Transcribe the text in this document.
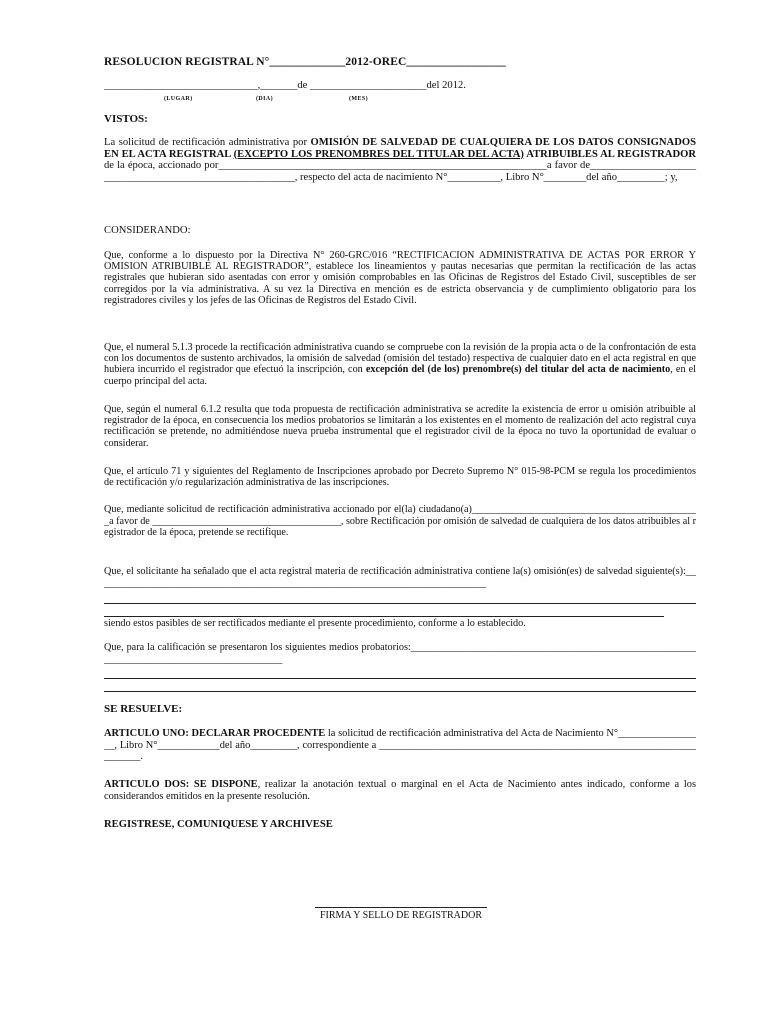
RESOLUCION REGISTRAL N°_____________2012-OREC_________________
_____________________________,_______de ______________________del 2012.
(LUGAR)	(DIA)	(MES)
VISTOS:

La solicitud de rectificación administrativa por OMISIÓN DE SALVEDAD DE CUALQUIERA DE LOS DATOS CONSIGNADOS EN EL ACTA REGISTRAL (EXCEPTO LOS PRENOMBRES DEL TITULAR DEL ACTA) ATRIBUIBLES AL REGISTRADOR de la época, accionado por______________________________________________________________a favor de________________________________________________________, respecto del acta de nacimiento N°__________, Libro N°________del año_________; y,

CONSIDERANDO:

Que, conforme a lo dispuesto por la Directiva N° 260-GRC/016 “RECTIFICACION ADMINISTRATIVA DE ACTAS POR ERROR Y OMISION ATRIBUIBLE AL REGISTRADOR”, establece los lineamientos y pautas necesarias que permitan la rectificación de las actas registrales que hubieran sido asentadas con error y omisión comprobables en las Oficinas de Registros del Estado Civil, susceptibles de ser corregidos por la vía administrativa. A su vez la Directiva en mención es de estricta observancia y de cumplimiento obligatorio para los registradores civiles y los jefes de las Oficinas de Registros del Estado Civil.

Que, el numeral 5.1.3 procede la rectificación administrativa cuando se compruebe con la revisión de la propia acta o de la confrontación de esta con los documentos de sustento archivados, la omisión de salvedad (omisión del testado) respectiva de cualquier dato en el acta registral en que hubiera incurrido el registrador que efectuó la inscripción, con excepción del (de los) prenombre(s) del titular del acta de nacimiento, en el cuerpo principal del acta.

Que, según el numeral 6.1.2 resulta que toda propuesta de rectificación administrativa se acredite la existencia de error u omisión atribuible al registrador de la época, en consecuencia los medios probatorios se limitarán a los existentes en el momento de realización del acto registral cuya rectificación se pretende, no admitiéndose nueva prueba instrumental que el registrador civil de la época no tuvo la oportunidad de evaluar o considerar.

Que, el artículo 71 y siguientes del Reglamento de Inscripciones aprobado por Decreto Supremo N° 015-98-PCM se regula los procedimientos de rectificación y/o regularización administrativa de las inscripciones.

Que, mediante solicitud de rectificación administrativa accionado por el(la) ciudadano(a)_____________________________________________a favor de _____________________________________, sobre Rectificación por omisión de salvedad de cualquiera de los datos atribuibles al registrador de la época, pretende se rectifique.

Que, el solicitante ha señalado que el acta registral materia de rectificación administrativa contiene la(s) omisión(es) de salvedad siguiente(s):_____________________________________________________________________________

siendo estos pasibles de ser rectificados mediante el presente procedimiento, conforme a lo establecido.

Que, para la calificación se presentaron los siguientes medios probatorios:___________________________________________________________________________________________

SE RESUELVE:

ARTICULO UNO: DECLARAR PROCEDENTE la solicitud de rectificación administrativa del Acta de Nacimiento N°_________________, Libro N°____________del año_________, correspondiente a ____________________________________________________________________.

ARTICULO DOS: SE DISPONE, realizar la anotación textual o marginal en el Acta de Nacimiento antes indicado, conforme a los considerandos emitidos en la presente resolución.

REGISTRESE, COMUNIQUESE Y ARCHIVESE
FIRMA Y SELLO DE REGISTRADOR
